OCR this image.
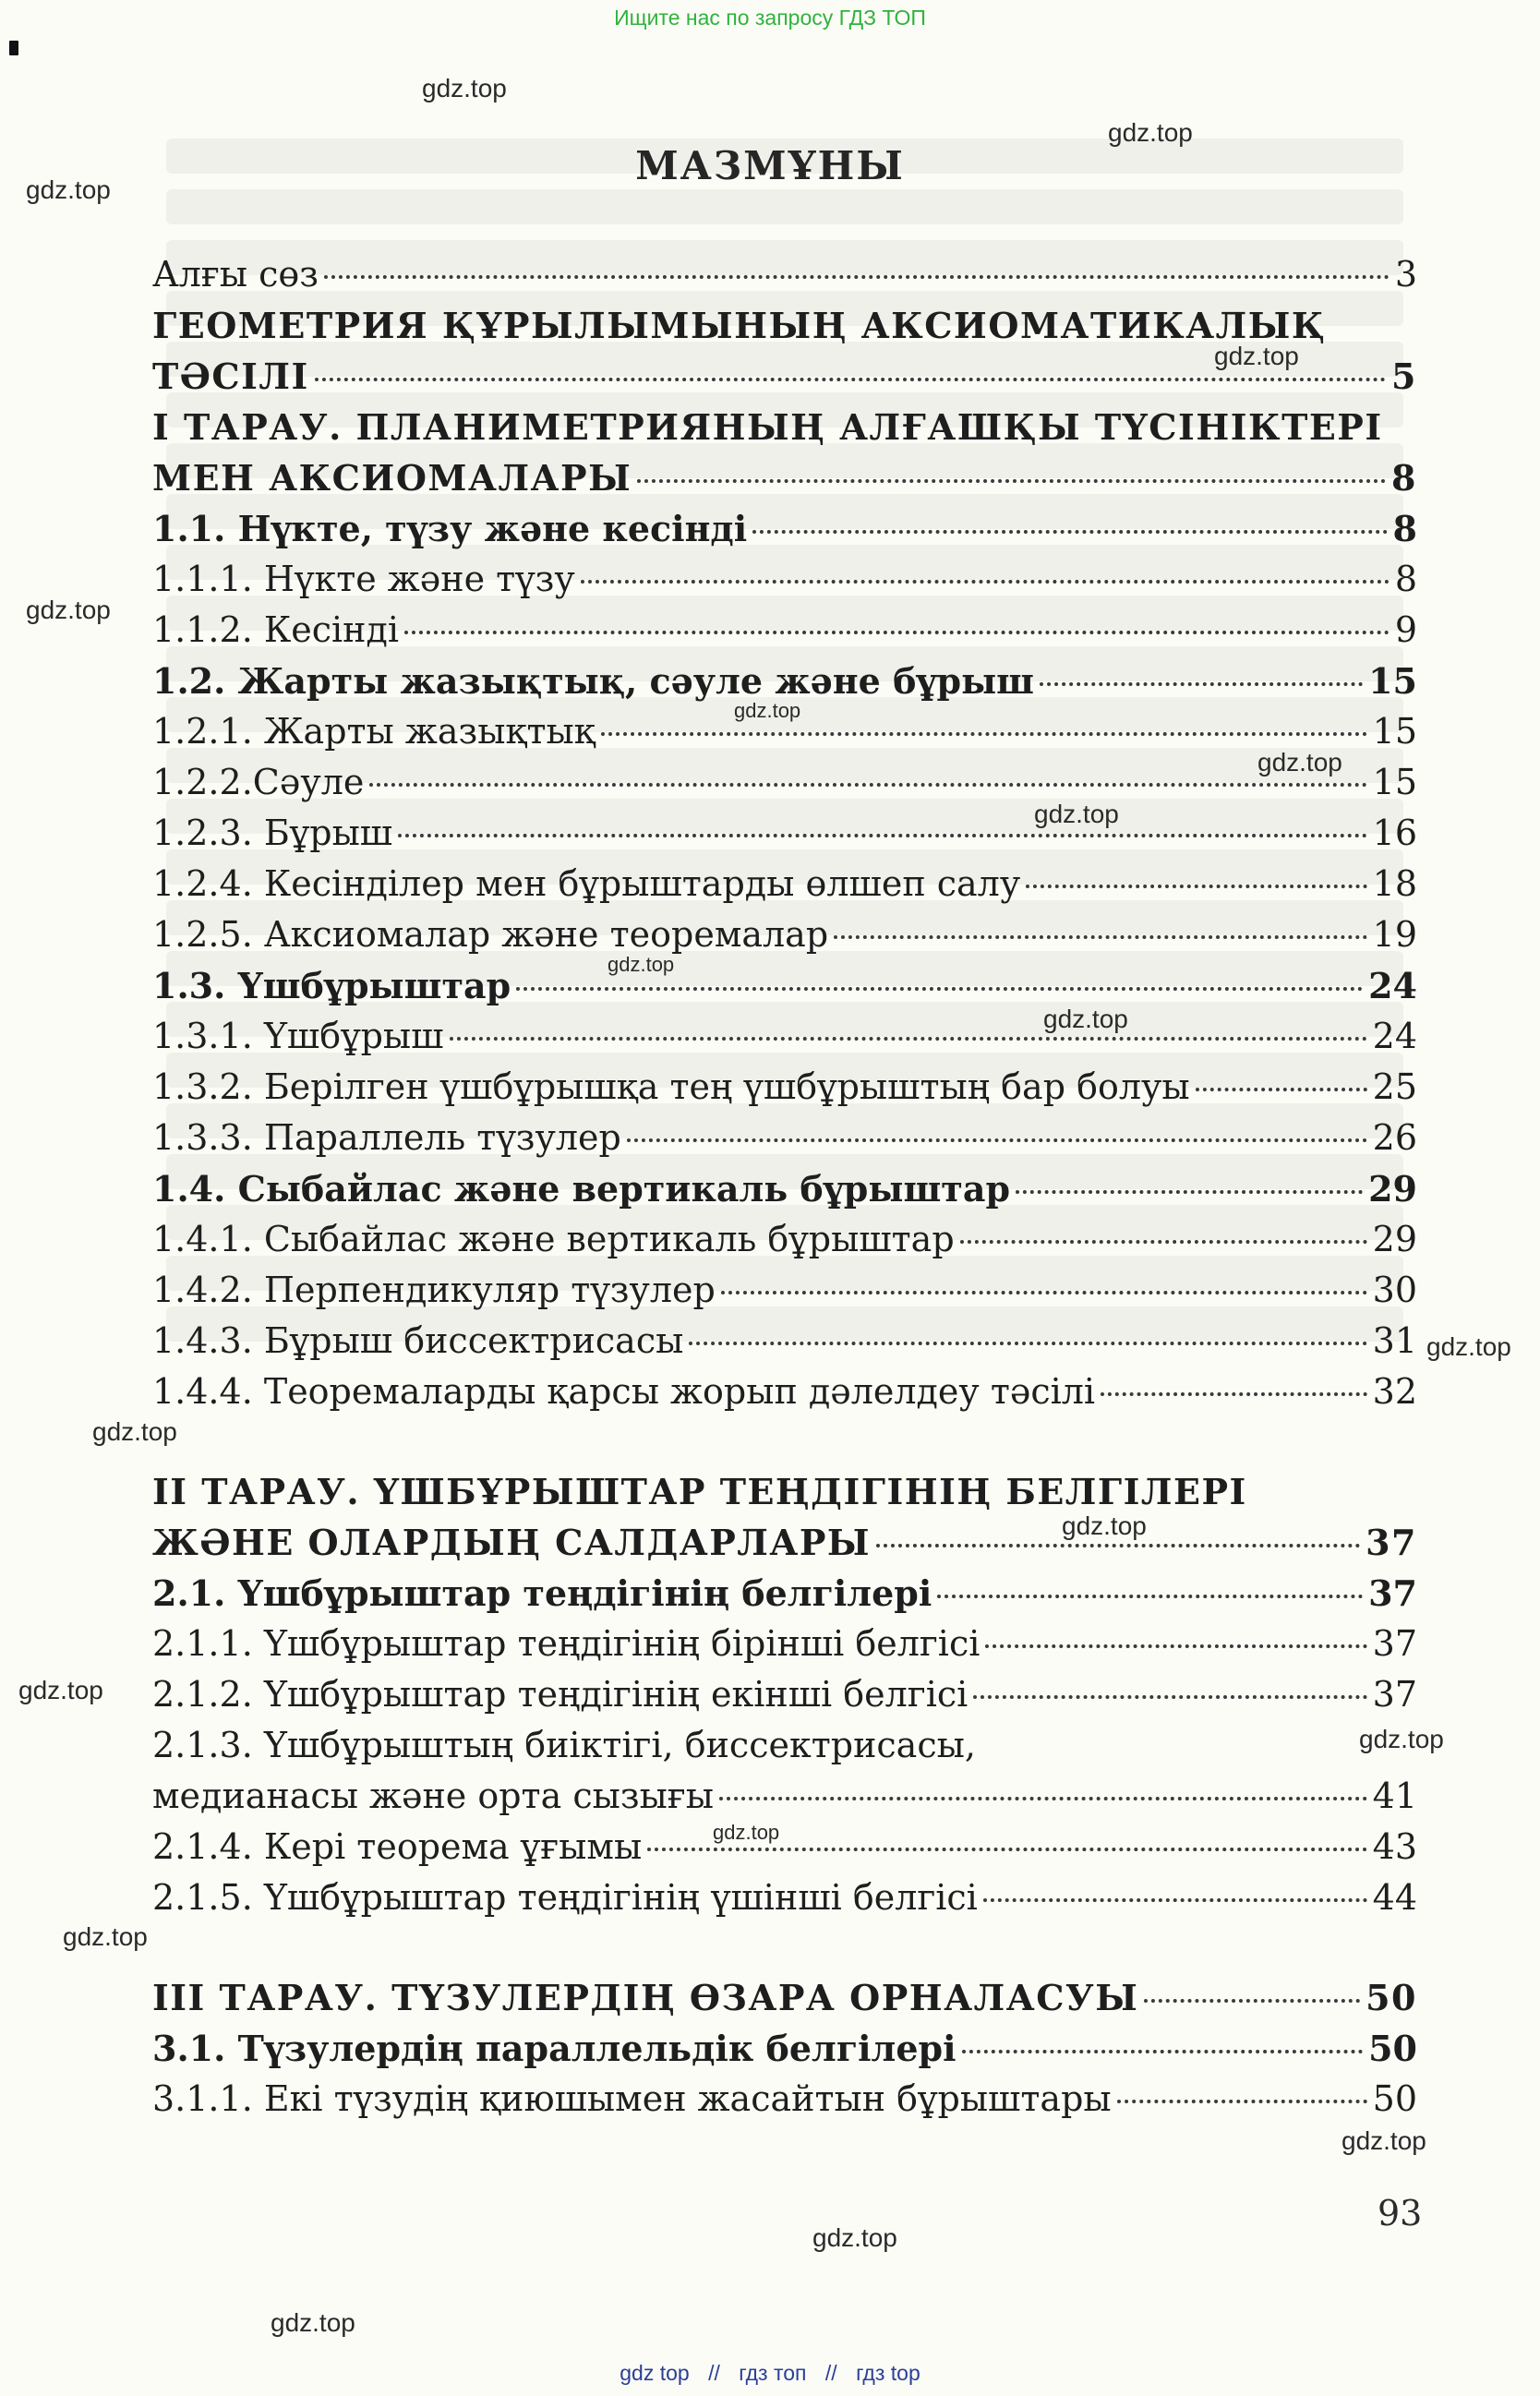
Ищите нас по запросу ГДЗ ТОП
МАЗМҰНЫ
Алғы сөз	3
ГЕОМЕТРИЯ ҚҰРЫЛЫМЫНЫҢ АКСИОМАТИКАЛЫҚ
ТӘСІЛІ	5
І ТАРАУ. ПЛАНИМЕТРИЯНЫҢ АЛҒАШҚЫ ТҮСІНІКТЕРІ
МЕН АКСИОМАЛАРЫ	8
1.1. Нүкте, түзу және кесінді	8
1.1.1. Нүкте және түзу	8
1.1.2. Кесінді	9
1.2. Жарты жазықтық, сәуле және бұрыш	15
1.2.1. Жарты жазықтық	15
1.2.2.Сәуле	15
1.2.3. Бұрыш	16
1.2.4. Кесінділер мен бұрыштарды өлшеп салу	18
1.2.5. Аксиомалар және теоремалар	19
1.3. Үшбұрыштар	24
1.3.1. Үшбұрыш	24
1.3.2. Берілген үшбұрышқа тең үшбұрыштың бар болуы	25
1.3.3. Параллель түзулер	26
1.4. Сыбайлас және вертикаль бұрыштар	29
1.4.1. Сыбайлас және вертикаль бұрыштар	29
1.4.2. Перпендикуляр түзулер	30
1.4.3. Бұрыш биссектрисасы	31
1.4.4. Теоремаларды қарсы жорып дәлелдеу тәсілі	32
II ТАРАУ. ҮШБҰРЫШТАР ТЕҢДІГІНІҢ БЕЛГІЛЕРІ
ЖӘНЕ ОЛАРДЫҢ САЛДАРЛАРЫ	37
2.1. Үшбұрыштар теңдігінің белгілері	37
2.1.1. Үшбұрыштар теңдігінің бірінші белгісі	37
2.1.2. Үшбұрыштар теңдігінің екінші белгісі	37
2.1.3. Үшбұрыштың биіктігі, биссектрисасы,
медианасы және орта сызығы	41
2.1.4. Кері теорема ұғымы	43
2.1.5. Үшбұрыштар теңдігінің үшінші белгісі	44
III ТАРАУ. ТҮЗУЛЕРДІҢ ӨЗАРА ОРНАЛАСУЫ	50
3.1. Түзулердің параллельдік белгілері	50
3.1.1. Екі түзудің қиюшымен жасайтын бұрыштары	50
93
gdz.top
gdz.top
gdz.top
gdz.top
gdz.top
gdz.top
gdz.top
gdz.top
gdz.top
gdz.top
gdz.top
gdz.top
gdz.top
gdz.top
gdz.top
gdz.top
gdz.top
gdz.top
gdz.top
gdz.top
gdz top // гдз топ // гдз top
